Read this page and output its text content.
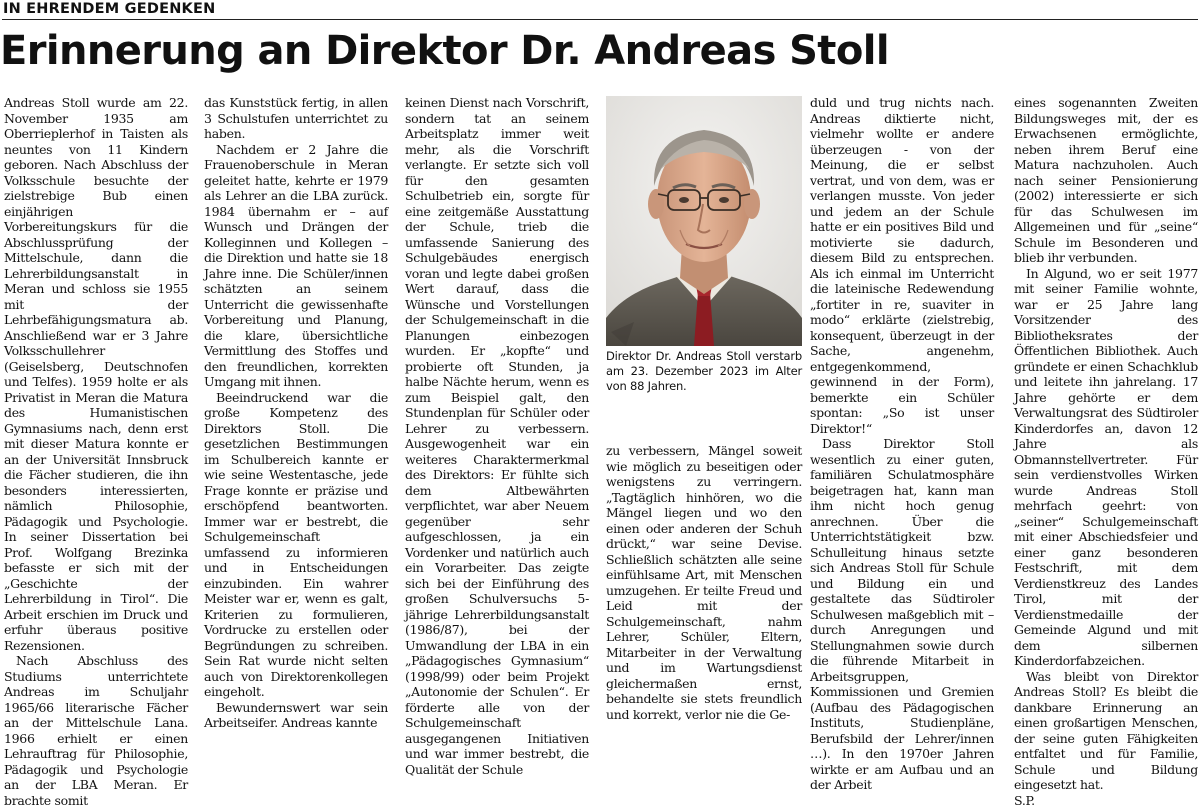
IN EHRENDEM GEDENKEN
Erinnerung an Direktor Dr. Andreas Stoll

Andreas Stoll wurde am 22. November 1935 am Oberrieplerhof in Taisten als neuntes von 11 Kindern geboren. Nach Abschluss der Volksschule besuchte der zielstrebige Bub einen einjährigen Vorbereitungskurs für die Abschlussprüfung der Mittelschule, dann die Lehrerbildungsanstalt in Meran und schloss sie 1955 mit der Lehrbefähigungsmatura ab. Anschließend war er 3 Jahre Volksschullehrer (Geiselsberg, Deutschnofen und Telfes). 1959 holte er als Privatist in Meran die Matura des Humanistischen Gymnasiums nach, denn erst mit dieser Matura konnte er an der Universität Innsbruck die Fächer studieren, die ihn besonders interessierten, nämlich Philosophie, Pädagogik und Psychologie. In seiner Dissertation bei Prof. Wolfgang Brezinka befasste er sich mit der „Geschichte der Lehrerbildung in Tirol“. Die Arbeit erschien im Druck und erfuhr überaus positive Rezensionen.

Nach Abschluss des Studiums unterrichtete Andreas im Schuljahr 1965/66 literarische Fächer an der Mittelschule Lana. 1966 erhielt er einen Lehrauftrag für Philosophie, Pädagogik und Psychologie an der LBA Meran. Er brachte somit

das Kunststück fertig, in allen 3 Schulstufen unterrichtet zu haben.

Nachdem er 2 Jahre die Frauenoberschule in Meran geleitet hatte, kehrte er 1979 als Lehrer an die LBA zurück. 1984 übernahm er – auf Wunsch und Drängen der Kolleginnen und Kollegen – die Direktion und hatte sie 18 Jahre inne. Die Schüler/innen schätzten an seinem Unterricht die gewissenhafte Vorbereitung und Planung, die klare, übersichtliche Vermittlung des Stoffes und den freundlichen, korrekten Umgang mit ihnen.

Beeindruckend war die große Kompetenz des Direktors Stoll. Die gesetzlichen Bestimmungen im Schulbereich kannte er wie seine Westentasche, jede Frage konnte er präzise und erschöpfend beantworten. Immer war er bestrebt, die Schulgemeinschaft umfassend zu informieren und in Entscheidungen einzubinden. Ein wahrer Meister war er, wenn es galt, Kriterien zu formulieren, Vordrucke zu erstellen oder Begründungen zu schreiben. Sein Rat wurde nicht selten auch von Direktorenkollegen eingeholt.

Bewundernswert war sein Arbeitseifer. Andreas kannte

keinen Dienst nach Vorschrift, sondern tat an seinem Arbeitsplatz immer weit mehr, als die Vorschrift verlangte. Er setzte sich voll für den gesamten Schulbetrieb ein, sorgte für eine zeitgemäße Ausstattung der Schule, trieb die umfassende Sanierung des Schulgebäudes energisch voran und legte dabei großen Wert darauf, dass die Wünsche und Vorstellungen der Schulgemeinschaft in die Planungen einbezogen wurden. Er „kopfte“ und probierte oft Stunden, ja halbe Nächte herum, wenn es zum Beispiel galt, den Stundenplan für Schüler oder Lehrer zu verbessern. Ausgewogenheit war ein weiteres Charaktermerkmal des Direktors: Er fühlte sich dem Altbewährten verpflichtet, war aber Neuem gegenüber sehr aufgeschlossen, ja ein Vordenker und natürlich auch ein Vorarbeiter. Das zeigte sich bei der Einführung des großen Schulversuchs 5-jährige Lehrerbildungsanstalt (1986/87), bei der Umwandlung der LBA in ein „Pädagogisches Gymnasium“ (1998/99) oder beim Projekt „Autonomie der Schulen“. Er förderte alle von der Schulgemeinschaft ausgegangenen Initiativen und war immer bestrebt, die Qualität der Schule

Direktor Dr. Andreas Stoll verstarb am 23. Dezember 2023 im Alter von 88 Jahren.

zu verbessern, Mängel soweit wie möglich zu beseitigen oder wenigstens zu verringern. „Tagtäglich hinhören, wo die Mängel liegen und wo den einen oder anderen der Schuh drückt,“ war seine Devise. Schließlich schätzten alle seine einfühlsame Art, mit Menschen umzugehen. Er teilte Freud und Leid mit der Schulgemeinschaft, nahm Lehrer, Schüler, Eltern, Mitarbeiter in der Verwaltung und im Wartungsdienst gleichermaßen ernst, behandelte sie stets freundlich und korrekt, verlor nie die Ge-

duld und trug nichts nach. Andreas diktierte nicht, vielmehr wollte er andere überzeugen - von der Meinung, die er selbst vertrat, und von dem, was er verlangen musste. Von jeder und jedem an der Schule hatte er ein positives Bild und motivierte sie dadurch, diesem Bild zu entsprechen. Als ich einmal im Unterricht die lateinische Redewendung „fortiter in re, suaviter in modo“ erklärte (zielstrebig, konsequent, überzeugt in der Sache, angenehm, entgegenkommend, gewinnend in der Form), bemerkte ein Schüler spontan: „So ist unser Direktor!“

Dass Direktor Stoll wesentlich zu einer guten, familiären Schulatmosphäre beigetragen hat, kann man ihm nicht hoch genug anrechnen. Über die Unterrichtstätigkeit bzw. Schulleitung hinaus setzte sich Andreas Stoll für Schule und Bildung ein und gestaltete das Südtiroler Schulwesen maßgeblich mit – durch Anregungen und Stellungnahmen sowie durch die führende Mitarbeit in Arbeitsgruppen, Kommissionen und Gremien (Aufbau des Pädagogischen Instituts, Studienpläne, Berufsbild der Lehrer/innen …). In den 1970er Jahren wirkte er am Aufbau und an der Arbeit

eines sogenannten Zweiten Bildungsweges mit, der es Erwachsenen ermöglichte, neben ihrem Beruf eine Matura nachzuholen. Auch nach seiner Pensionierung (2002) interessierte er sich für das Schulwesen im Allgemeinen und für „seine“ Schule im Besonderen und blieb ihr verbunden.

In Algund, wo er seit 1977 mit seiner Familie wohnte, war er 25 Jahre lang Vorsitzender des Bibliotheksrates der Öffentlichen Bibliothek. Auch gründete er einen Schachklub und leitete ihn jahrelang. 17 Jahre gehörte er dem Verwaltungsrat des Südtiroler Kinderdorfes an, davon 12 Jahre als Obmannstellvertreter. Für sein verdienstvolles Wirken wurde Andreas Stoll mehrfach geehrt: von „seiner“ Schulgemeinschaft mit einer Abschiedsfeier und einer ganz besonderen Festschrift, mit dem Verdienstkreuz des Landes Tirol, mit der Verdienstmedaille der Gemeinde Algund und mit dem silbernen Kinderdorfabzeichen.

Was bleibt von Direktor Andreas Stoll? Es bleibt die dankbare Erinnerung an einen großartigen Menschen, der seine guten Fähigkeiten entfaltet und für Familie, Schule und Bildung eingesetzt hat.

S.P.
